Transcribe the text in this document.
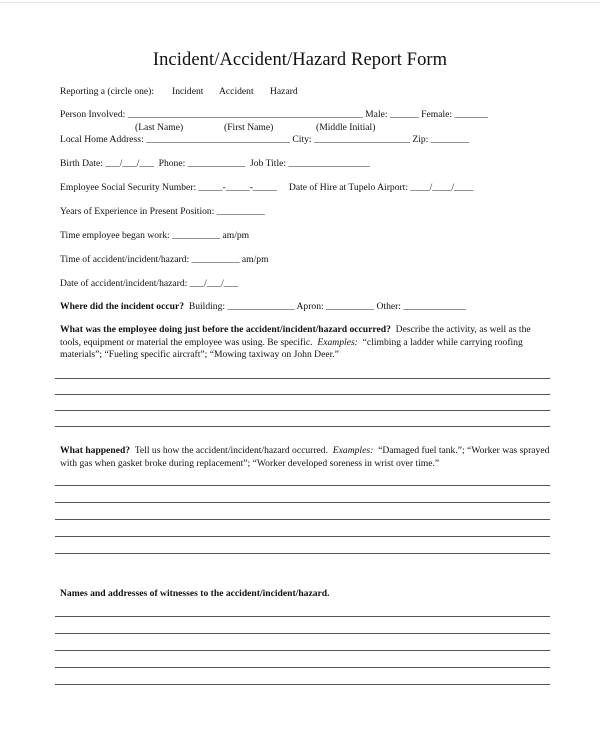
Incident/Accident/Hazard Report Form
Reporting a (circle one): Incident Accident Hazard
Person Involved: _________________________________________________ Male: ______ Female: _______
(Last Name)	(First Name)	(Middle Initial)
Local Home Address: ______________________________ City: ____________________ Zip: ________
Birth Date: ___/___/___ Phone: ____________ Job Title: _________________
Employee Social Security Number: _____-_____-_____ Date of Hire at Tupelo Airport: ____/____/____
Years of Experience in Present Position: __________
Time employee began work: __________ am/pm
Time of accident/incident/hazard: __________ am/pm
Date of accident/incident/hazard: ___/___/___
Where did the incident occur? Building: ______________ Apron: __________ Other: _____________
What was the employee doing just before the accident/incident/hazard occurred? Describe the activity, as well as the tools, equipment or material the employee was using. Be specific. Examples: “climbing a ladder while carrying roofing materials”; “Fueling specific aircraft”; “Mowing taxiway on John Deer.”
What happened? Tell us how the accident/incident/hazard occurred. Examples: “Damaged fuel tank.”; “Worker was sprayed with gas when gasket broke during replacement”; “Worker developed soreness in wrist over time.”
Names and addresses of witnesses to the accident/incident/hazard.
